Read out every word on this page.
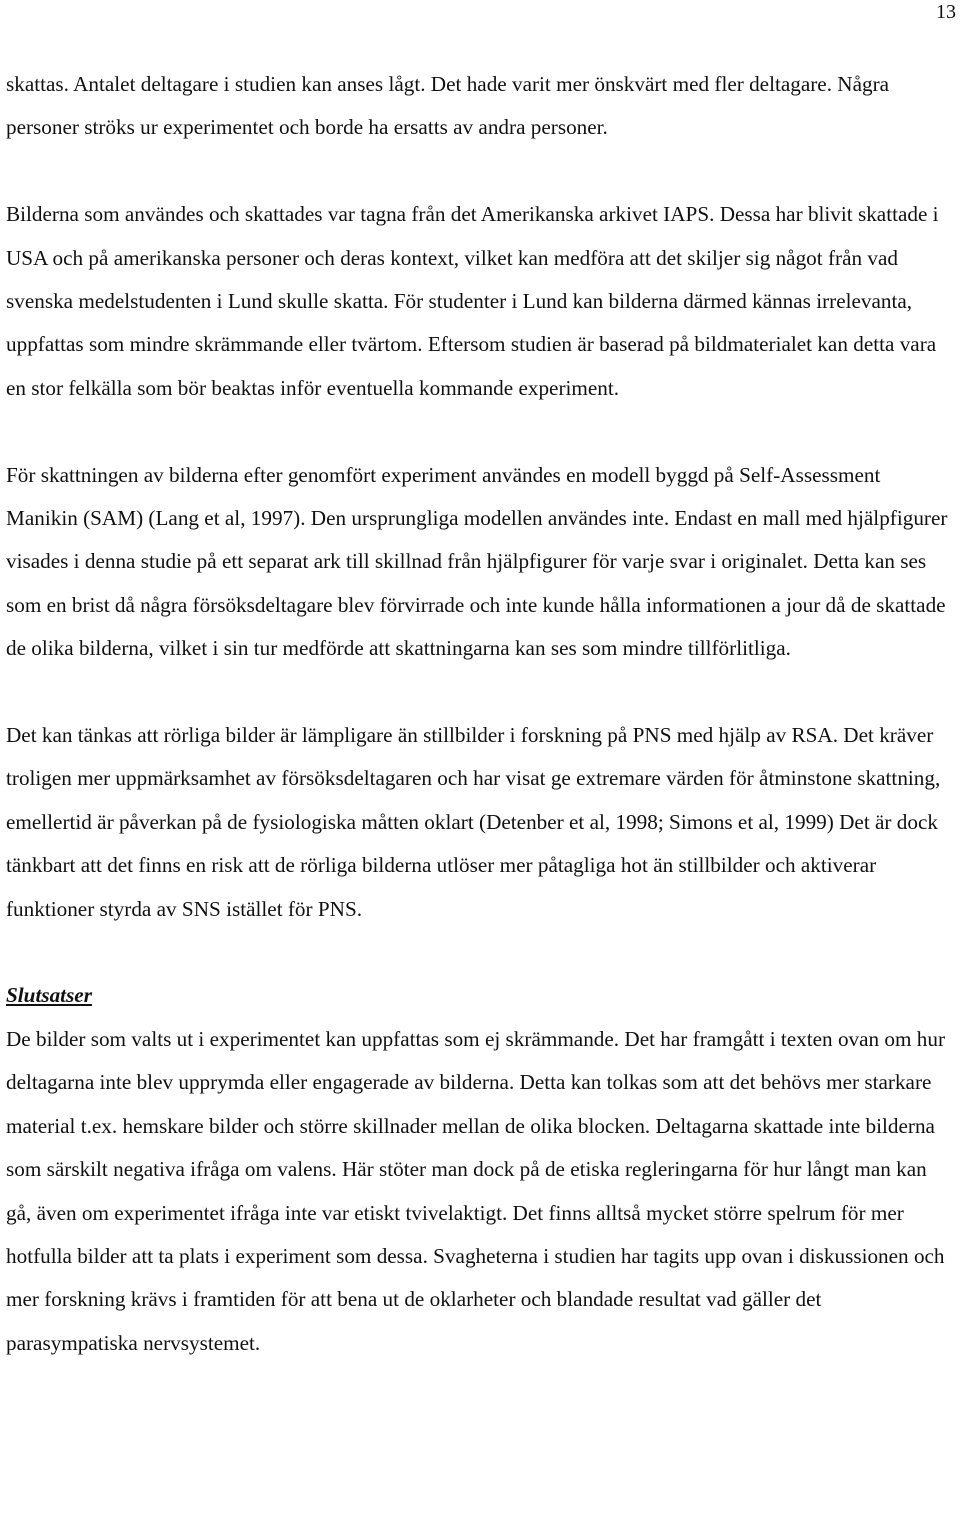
13

skattas. Antalet deltagare i studien kan anses lågt. Det hade varit mer önskvärt med fler deltagare. Några personer ströks ur experimentet och borde ha ersatts av andra personer.

Bilderna som användes och skattades var tagna från det Amerikanska arkivet IAPS. Dessa har blivit skattade i USA och på amerikanska personer och deras kontext, vilket kan medföra att det skiljer sig något från vad svenska medelstudenten i Lund skulle skatta. För studenter i Lund kan bilderna därmed kännas irrelevanta, uppfattas som mindre skrämmande eller tvärtom. Eftersom studien är baserad på bildmaterialet kan detta vara en stor felkälla som bör beaktas inför eventuella kommande experiment.

För skattningen av bilderna efter genomfört experiment användes en modell byggd på Self-Assessment Manikin (SAM) (Lang et al, 1997). Den ursprungliga modellen användes inte. Endast en mall med hjälpfigurer visades i denna studie på ett separat ark till skillnad från hjälpfigurer för varje svar i originalet. Detta kan ses som en brist då några försöksdeltagare blev förvirrade och inte kunde hålla informationen a jour då de skattade de olika bilderna, vilket i sin tur medförde att skattningarna kan ses som mindre tillförlitliga.

Det kan tänkas att rörliga bilder är lämpligare än stillbilder i forskning på PNS med hjälp av RSA. Det kräver troligen mer uppmärksamhet av försöksdeltagaren och har visat ge extremare värden för åtminstone skattning, emellertid är påverkan på de fysiologiska måtten oklart (Detenber et al, 1998; Simons et al, 1999) Det är dock tänkbart att det finns en risk att de rörliga bilderna utlöser mer påtagliga hot än stillbilder och aktiverar funktioner styrda av SNS istället för PNS.

Slutsatser

De bilder som valts ut i experimentet kan uppfattas som ej skrämmande. Det har framgått i texten ovan om hur deltagarna inte blev upprymda eller engagerade av bilderna. Detta kan tolkas som att det behövs mer starkare material t.ex. hemskare bilder och större skillnader mellan de olika blocken. Deltagarna skattade inte bilderna som särskilt negativa ifråga om valens. Här stöter man dock på de etiska regleringarna för hur långt man kan gå, även om experimentet ifråga inte var etiskt tvivelaktigt. Det finns alltså mycket större spelrum för mer hotfulla bilder att ta plats i experiment som dessa. Svagheterna i studien har tagits upp ovan i diskussionen och mer forskning krävs i framtiden för att bena ut de oklarheter och blandade resultat vad gäller det parasympatiska nervsystemet.
